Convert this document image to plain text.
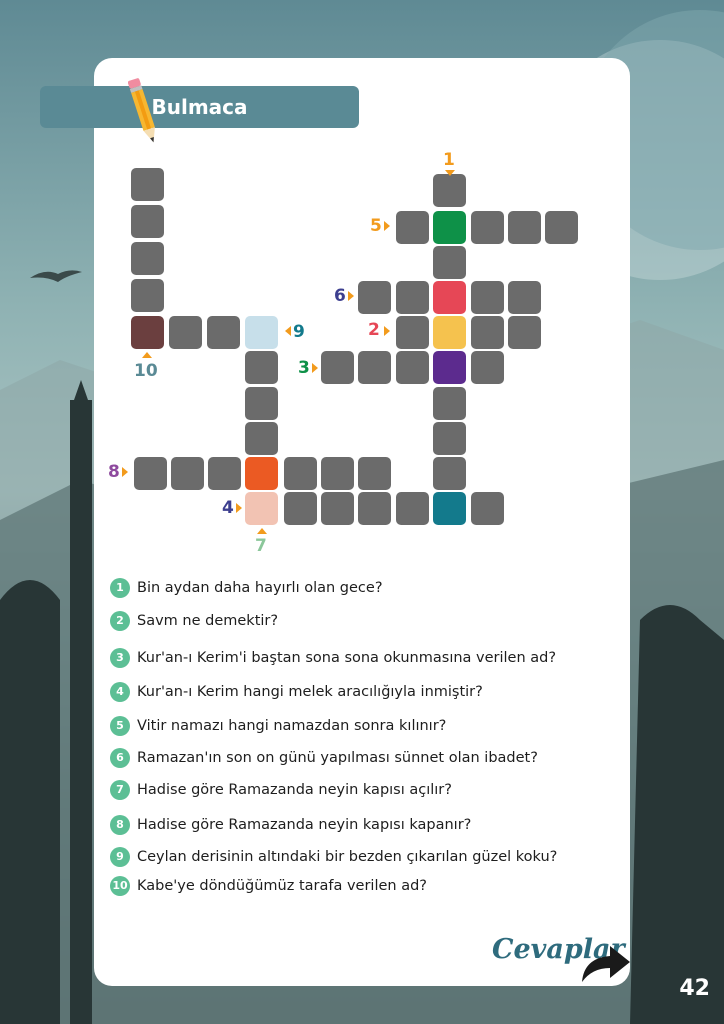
Bulmaca
1
5
6
2
9
3
10
8
4
7
1 Bin aydan daha hayırlı olan gece?
2 Savm ne demektir?
3 Kur'an-ı Kerim'i baştan sona sona okunmasına verilen ad?
4 Kur'an-ı Kerim hangi melek aracılığıyla inmiştir?
5 Vitir namazı hangi namazdan sonra kılınır?
6 Ramazan'ın son on günü yapılması sünnet olan ibadet?
7 Hadise göre Ramazanda neyin kapısı açılır?
8 Hadise göre Ramazanda neyin kapısı kapanır?
9 Ceylan derisinin altındaki bir bezden çıkarılan güzel koku?
10 Kabe'ye döndüğümüz tarafa verilen ad?
Cevaplar
42
